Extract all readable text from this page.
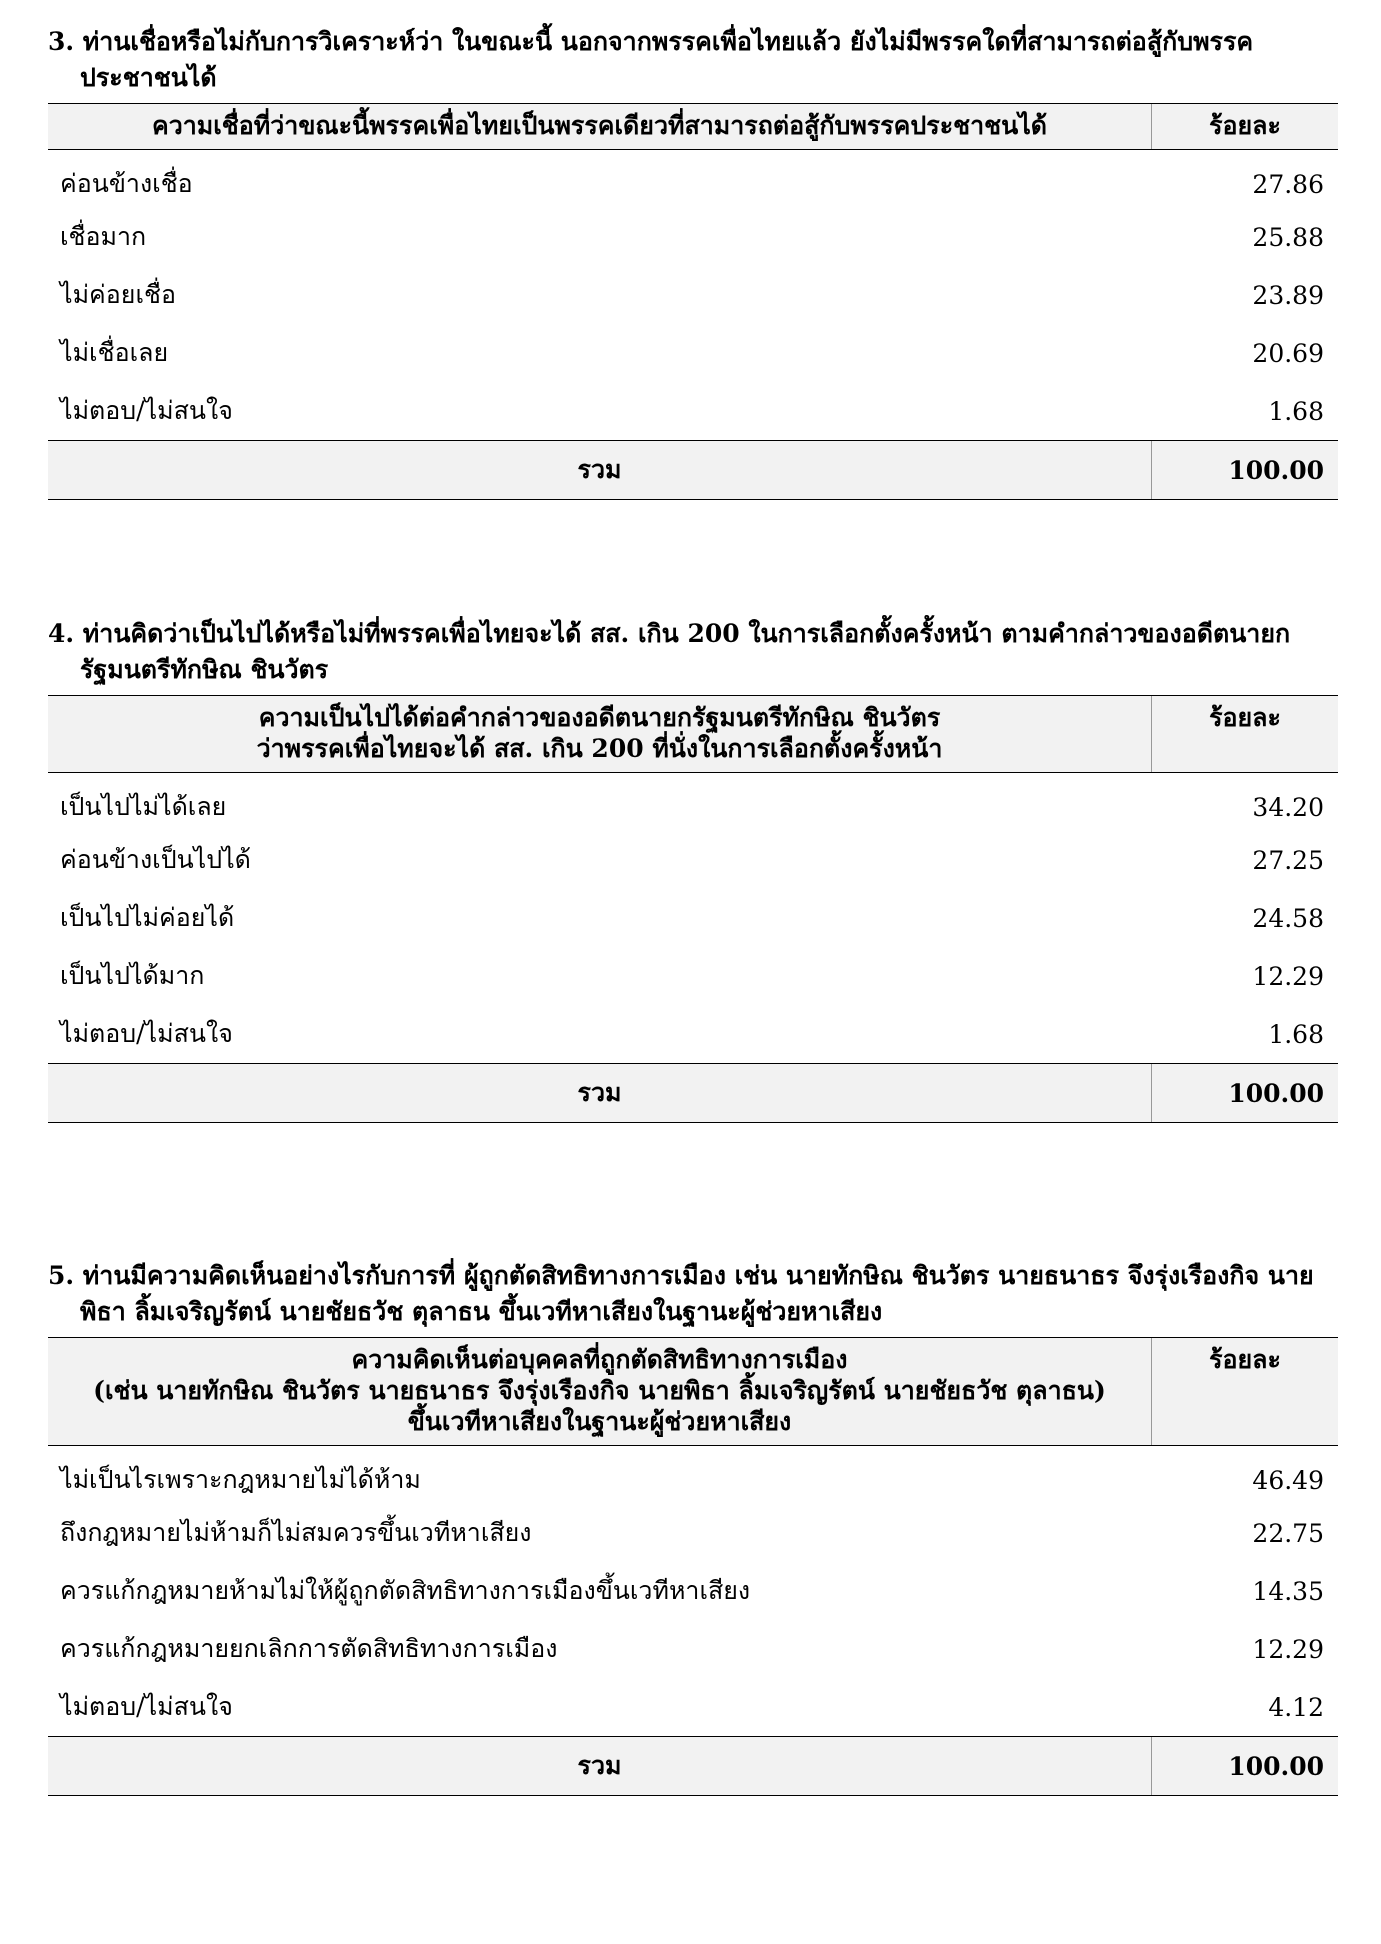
3. ท่านเชื่อหรือไม่กับการวิเคราะห์ว่า ในขณะนี้ นอกจากพรรคเพื่อไทยแล้ว ยังไม่มีพรรคใดที่สามารถต่อสู้กับพรรคประชาชนได้

ความเชื่อที่ว่าขณะนี้พรรคเพื่อไทยเป็นพรรคเดียวที่สามารถต่อสู้กับพรรคประชาชนได้	ร้อยละ
ค่อนข้างเชื่อ	27.86
เชื่อมาก	25.88
ไม่ค่อยเชื่อ	23.89
ไม่เชื่อเลย	20.69
ไม่ตอบ/ไม่สนใจ	1.68
รวม	100.00

4. ท่านคิดว่าเป็นไปได้หรือไม่ที่พรรคเพื่อไทยจะได้ สส. เกิน 200 ในการเลือกตั้งครั้งหน้า ตามคำกล่าวของอดีตนายกรัฐมนตรีทักษิณ ชินวัตร

ความเป็นไปได้ต่อคำกล่าวของอดีตนายกรัฐมนตรีทักษิณ ชินวัตร
ว่าพรรคเพื่อไทยจะได้ สส. เกิน 200 ที่นั่งในการเลือกตั้งครั้งหน้า	ร้อยละ
เป็นไปไม่ได้เลย	34.20
ค่อนข้างเป็นไปได้	27.25
เป็นไปไม่ค่อยได้	24.58
เป็นไปได้มาก	12.29
ไม่ตอบ/ไม่สนใจ	1.68
รวม	100.00

5. ท่านมีความคิดเห็นอย่างไรกับการที่ ผู้ถูกตัดสิทธิทางการเมือง เช่น นายทักษิณ ชินวัตร นายธนาธร จึงรุ่งเรืองกิจ นายพิธา ลิ้มเจริญรัตน์ นายชัยธวัช ตุลาธน ขึ้นเวทีหาเสียงในฐานะผู้ช่วยหาเสียง

ความคิดเห็นต่อบุคคลที่ถูกตัดสิทธิทางการเมือง
(เช่น นายทักษิณ ชินวัตร นายธนาธร จึงรุ่งเรืองกิจ นายพิธา ลิ้มเจริญรัตน์ นายชัยธวัช ตุลาธน)
ขึ้นเวทีหาเสียงในฐานะผู้ช่วยหาเสียง	ร้อยละ
ไม่เป็นไรเพราะกฎหมายไม่ได้ห้าม	46.49
ถึงกฎหมายไม่ห้ามก็ไม่สมควรขึ้นเวทีหาเสียง	22.75
ควรแก้กฎหมายห้ามไม่ให้ผู้ถูกตัดสิทธิทางการเมืองขึ้นเวทีหาเสียง	14.35
ควรแก้กฎหมายยกเลิกการตัดสิทธิทางการเมือง	12.29
ไม่ตอบ/ไม่สนใจ	4.12
รวม	100.00
